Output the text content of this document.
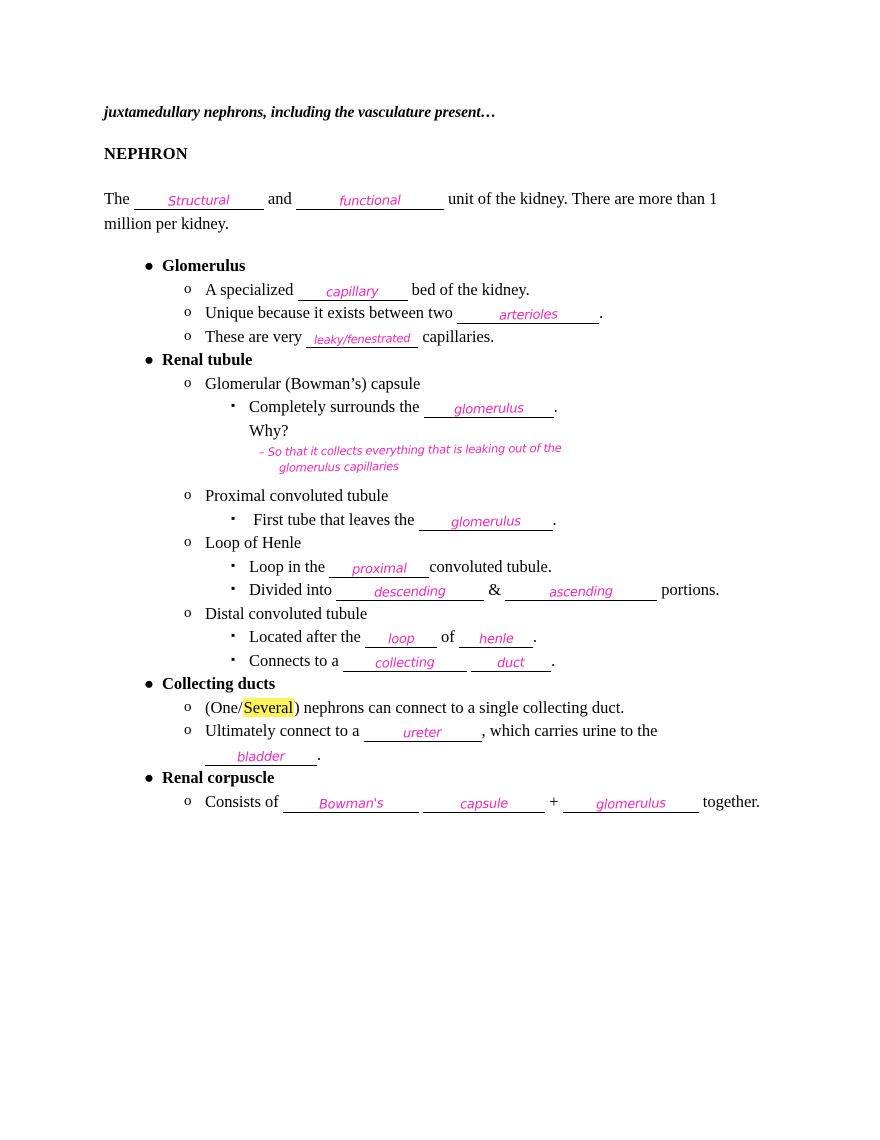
juxtamedullary nephrons, including the vasculature present…
NEPHRON
The	Structural and	functional	unit of the kidney. There are more than 1 million per kidney.
● Glomerulus
o A specialized	capillary bed of the kidney.
o Unique because it exists between two	arterioles	.
o These are very leaky/fenestrated capillaries.
● Renal tubule
o Glomerular (Bowman’s) capsule
▪ Completely surrounds the	glomerulus .
Why?
– So that it collects everything that is leaking out of the
glomerulus capillaries
o Proximal convoluted tubule
▪ First tube that leaves the	glomerulus .
o Loop of Henle
▪ Loop in the proximal convoluted tubule.
▪ Divided into	descending	&	ascending	portions.
o Distal convoluted tubule
▪ Located after the loop of henle .
▪ Connects to a	collecting	duct .
● Collecting ducts
o (One/Several) nephrons can connect to a single collecting duct.
o Ultimately connect to a	ureter , which carries urine to the bladder .
● Renal corpuscle
o Consists of	Bowman's	capsule +	glomerulus together.
